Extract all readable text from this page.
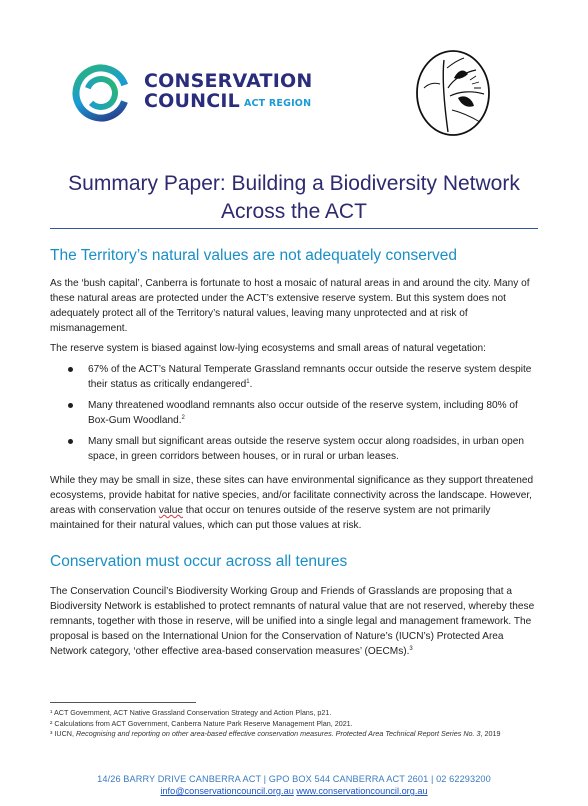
CONSERVATION
COUNCIL ACT REGION
Summary Paper: Building a Biodiversity Network
Across the ACT
The Territory’s natural values are not adequately conserved

As the ‘bush capital’, Canberra is fortunate to host a mosaic of natural areas in and around the city. Many of these natural areas are protected under the ACT’s extensive reserve system. But this system does not adequately protect all of the Territory’s natural values, leaving many unprotected and at risk of mismanagement.

The reserve system is biased against low-lying ecosystems and small areas of natural vegetation:

67% of the ACT’s Natural Temperate Grassland remnants occur outside the reserve system despite their status as critically endangered$^1$.
Many threatened woodland remnants also occur outside of the reserve system, including 80% of Box-Gum Woodland.$^2$
Many small but significant areas outside the reserve system occur along roadsides, in urban open space, in green corridors between houses, or in rural or urban leases.

While they may be small in size, these sites can have environmental significance as they support threatened ecosystems, provide habitat for native species, and/or facilitate connectivity across the landscape. However, areas with conservation value that occur on tenures outside of the reserve system are not primarily maintained for their natural values, which can put those values at risk.

Conservation must occur across all tenures

The Conservation Council’s Biodiversity Working Group and Friends of Grasslands are proposing that a Biodiversity Network is established to protect remnants of natural value that are not reserved, whereby these remnants, together with those in reserve, will be unified into a single legal and management framework. The proposal is based on the International Union for the Conservation of Nature’s (IUCN’s) Protected Area Network category, ‘other effective area-based conservation measures’ (OECMs).$^3$

¹ ACT Government, ACT Native Grassland Conservation Strategy and Action Plans, p21.
² Calculations from ACT Government, Canberra Nature Park Reserve Management Plan, 2021.
³ IUCN, Recognising and reporting on other area-based effective conservation measures. Protected Area Technical Report Series No. 3, 2019
14/26 BARRY DRIVE CANBERRA ACT | GPO BOX 544 CANBERRA ACT 2601 | 02 62293200
info@conservationcouncil.org.au www.conservationcouncil.org.au
